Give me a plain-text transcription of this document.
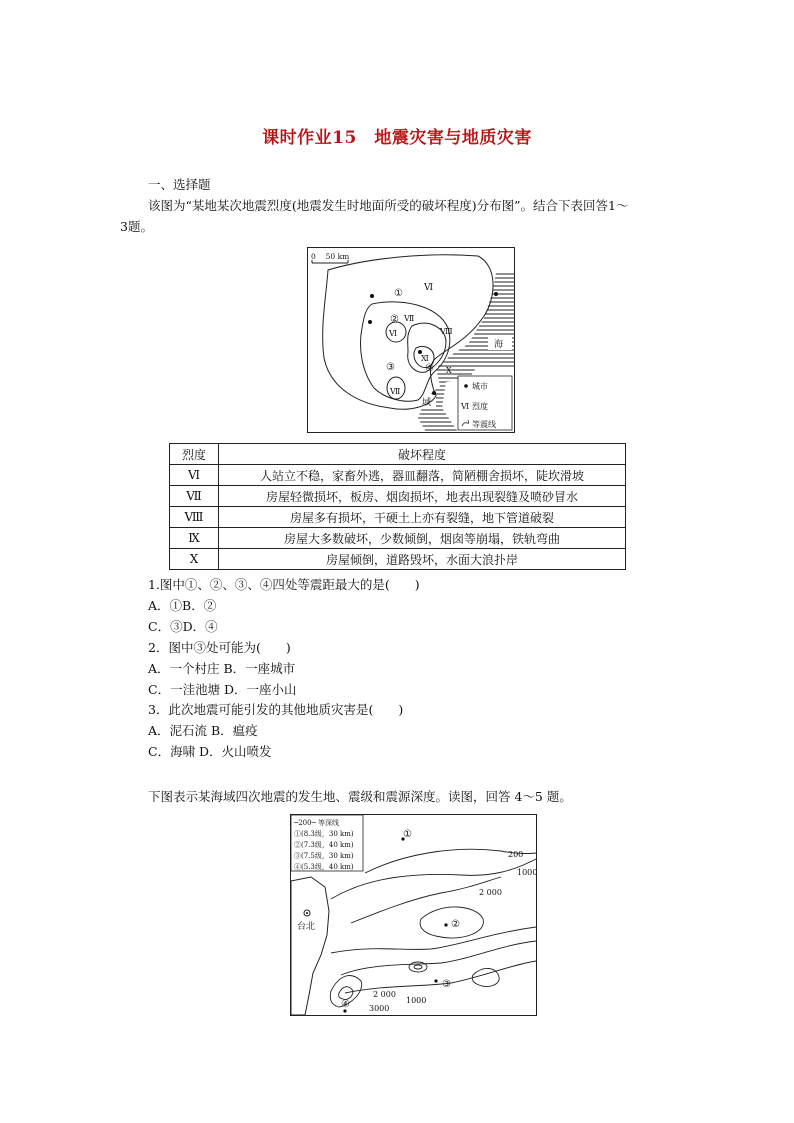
课时作业15　地震灾害与地质灾害
一、选择题
该图为“某地某次地震烈度(地震发生时地面所受的破坏程度)分布图”。结合下表回答1～
3题。
0　 50 km
①
②
③	④
Ⅵ
Ⅶ
Ⅵ
Ⅶ
Ⅷ
Ⅺ
Ⅹ
海
域
城市
Ⅵ 烈度
等震线
烈度	破坏程度
Ⅵ	人站立不稳，家畜外逃，器皿翻落，简陋棚舍损坏，陡坎滑坡
Ⅶ	房屋轻微损坏，板房、烟囱损坏，地表出现裂缝及喷砂冒水
Ⅷ	房屋多有损坏，干硬土上亦有裂缝，地下管道破裂
Ⅸ	房屋大多数破坏，少数倾倒，烟囱等崩塌，铁轨弯曲
Ⅹ	房屋倾倒，道路毁坏，水面大浪扑岸
1.图中①、②、③、④四处等震距最大的是(　　)
A．①B．②
C．③D．④
2．图中③处可能为(　　)
A．一个村庄 B．一座城市
C．一洼池塘 D．一座小山
3．此次地震可能引发的其他地质灾害是(　　)
A．泥石流 B．瘟疫
C．海啸 D．火山喷发
下图表示某海域四次地震的发生地、震级和震源深度。读图，回答 4～5 题。
①
②
③
④
台北
200
1000
2 000
2 000
1000
3000
─200─ 等深线
①(8.3级，30 km)
②(7.3级，40 km)
③(7.5级，30 km)
④(5.3级，40 km)
